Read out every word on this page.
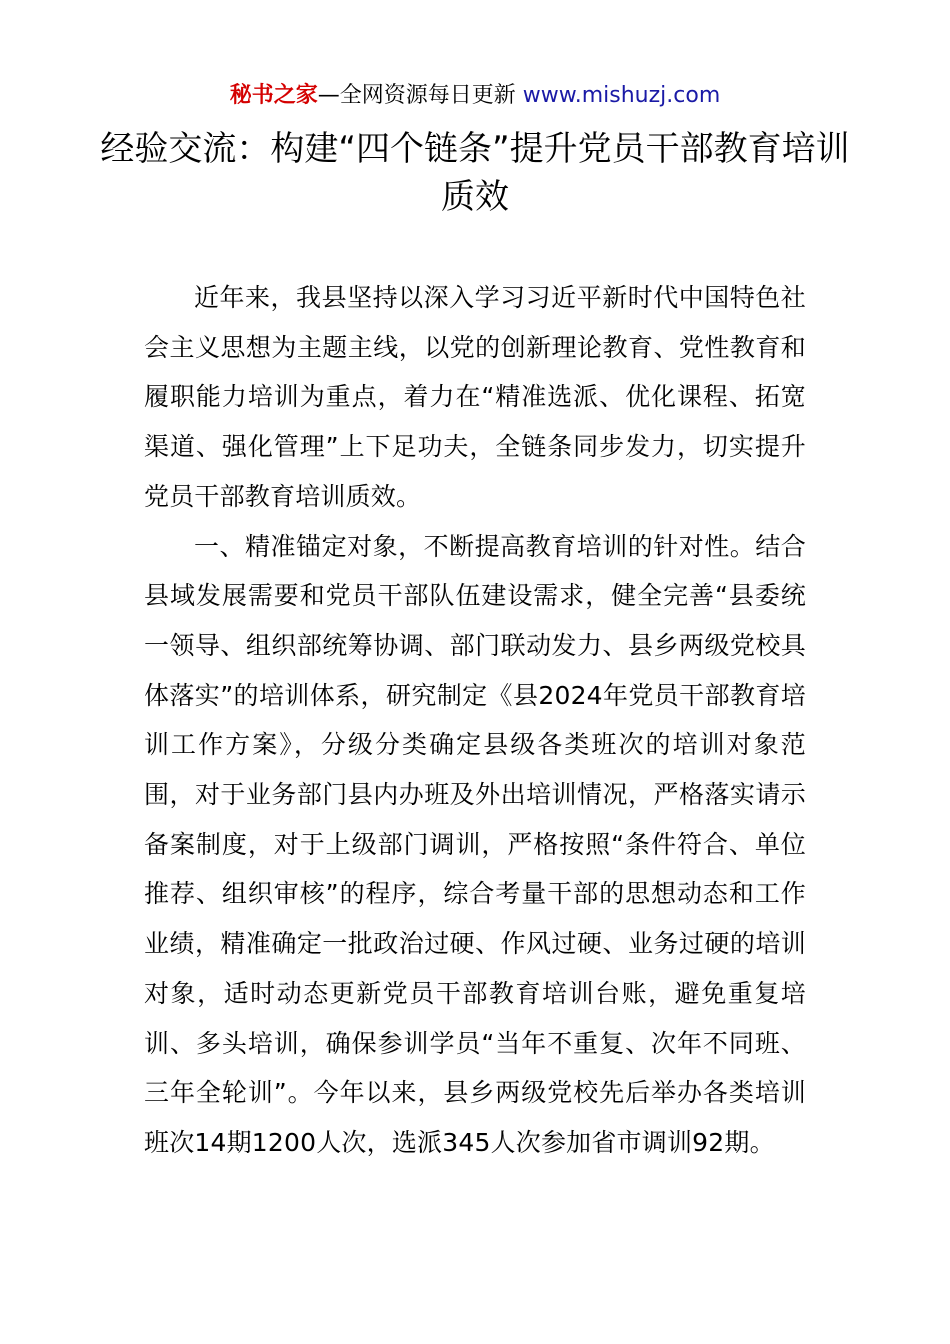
秘书之家—全网资源每日更新 www.mishuzj.com
经验交流：构建“四个链条”提升党员干部教育培训质效

近年来，我县坚持以深入学习习近平新时代中国特色社会主义思想为主题主线，以党的创新理论教育、党性教育和履职能力培训为重点，着力在“精准选派、优化课程、拓宽渠道、强化管理”上下足功夫，全链条同步发力，切实提升党员干部教育培训质效。

一、精准锚定对象，不断提高教育培训的针对性。结合县域发展需要和党员干部队伍建设需求，健全完善“县委统一领导、组织部统筹协调、部门联动发力、县乡两级党校具体落实”的培训体系，研究制定《县2024年党员干部教育培训工作方案》，分级分类确定县级各类班次的培训对象范围，对于业务部门县内办班及外出培训情况，严格落实请示备案制度，对于上级部门调训，严格按照“条件符合、单位推荐、组织审核”的程序，综合考量干部的思想动态和工作业绩，精准确定一批政治过硬、作风过硬、业务过硬的培训对象，适时动态更新党员干部教育培训台账，避免重复培训、多头培训，确保参训学员“当年不重复、次年不同班、三年全轮训”。今年以来，县乡两级党校先后举办各类培训班次14期1200人次，选派345人次参加省市调训92期。
